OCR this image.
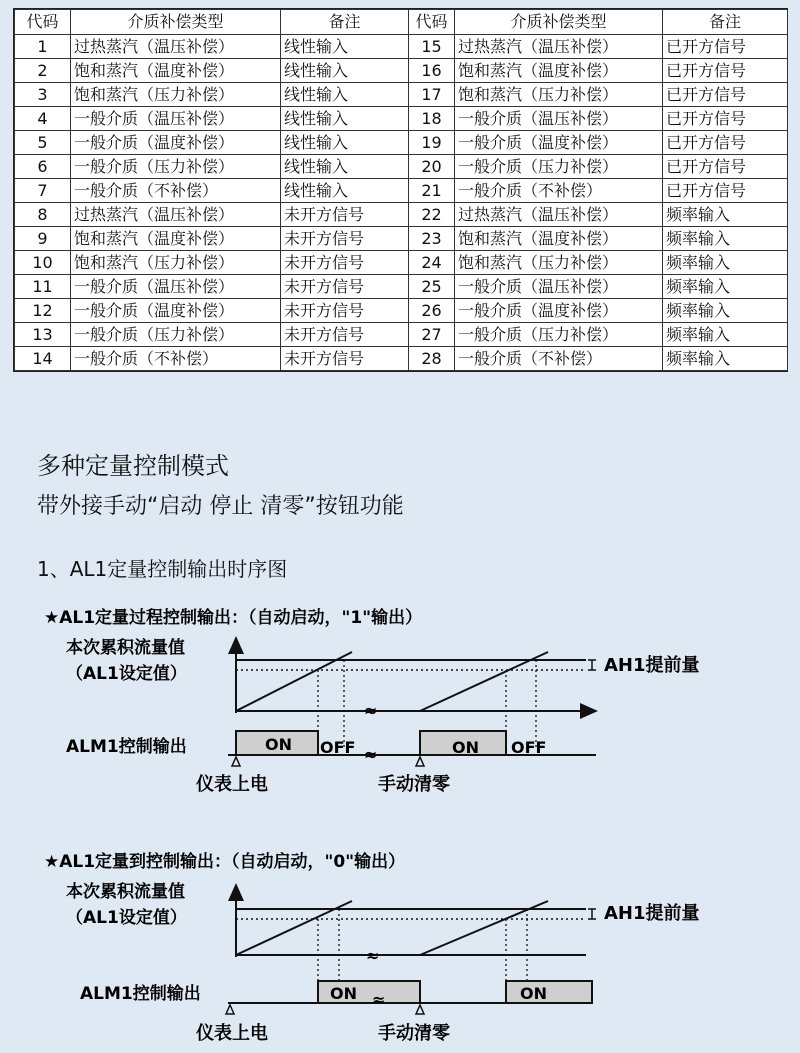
代码	介质补偿类型	备注	代码	介质补偿类型	备注
1	过热蒸汽（温压补偿）	线性输入	15	过热蒸汽（温压补偿）	已开方信号
2	饱和蒸汽（温度补偿）	线性输入	16	饱和蒸汽（温度补偿）	已开方信号
3	饱和蒸汽（压力补偿）	线性输入	17	饱和蒸汽（压力补偿）	已开方信号
4	一般介质（温压补偿）	线性输入	18	一般介质（温压补偿）	已开方信号
5	一般介质（温度补偿）	线性输入	19	一般介质（温度补偿）	已开方信号
6	一般介质（压力补偿）	线性输入	20	一般介质（压力补偿）	已开方信号
7	一般介质（不补偿）	线性输入	21	一般介质（不补偿）	已开方信号
8	过热蒸汽（温压补偿）	未开方信号	22	过热蒸汽（温压补偿）	频率输入
9	饱和蒸汽（温度补偿）	未开方信号	23	饱和蒸汽（温度补偿）	频率输入
10	饱和蒸汽（压力补偿）	未开方信号	24	饱和蒸汽（压力补偿）	频率输入
11	一般介质（温压补偿）	未开方信号	25	一般介质（温压补偿）	频率输入
12	一般介质（温度补偿）	未开方信号	26	一般介质（温度补偿）	频率输入
13	一般介质（压力补偿）	未开方信号	27	一般介质（压力补偿）	频率输入
14	一般介质（不补偿）	未开方信号	28	一般介质（不补偿）	频率输入
多种定量控制模式
带外接手动“启动 停止 清零”按钮功能
1、AL1定量控制输出时序图
★AL1定量过程控制输出：（自动启动，"1"输出）
本次累积流量值
（AL1设定值）
≈
AH1提前量
ALM1控制输出	ON	ON
OFF	OFF
≈
仪表上电	手动清零
★AL1定量到控制输出：（自动启动，"0"输出）
本次累积流量值
（AL1设定值）
≈
AH1提前量
ALM1控制输出	ON	ON
≈
仪表上电	手动清零
